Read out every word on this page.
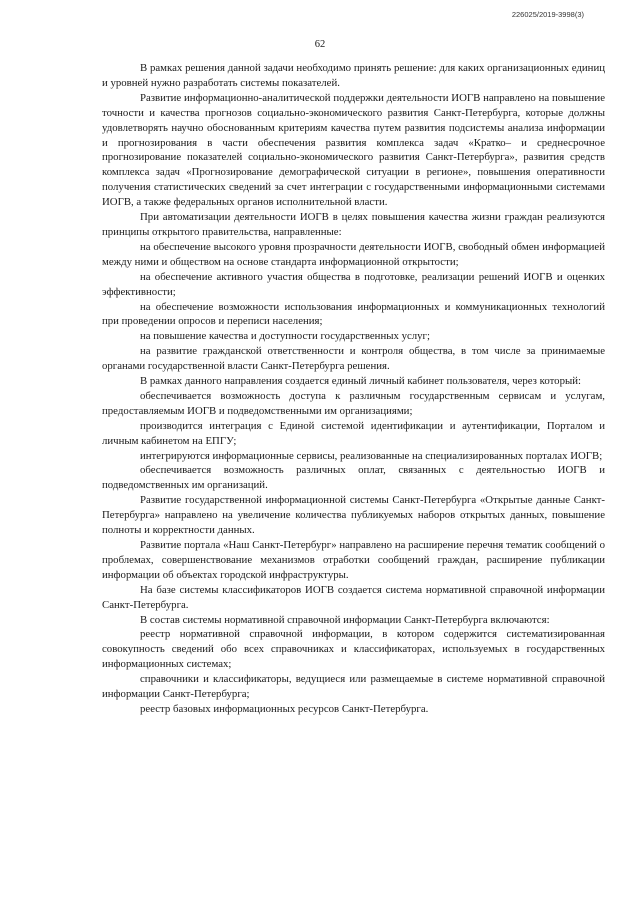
226025/2019-3998(3)
62

В рамках решения данной задачи необходимо принять решение: для каких организационных единиц и уровней нужно разработать системы показателей.

Развитие информационно-аналитической поддержки деятельности ИОГВ направлено на повышение точности и качества прогнозов социально-экономического развития Санкт-Петербурга, которые должны удовлетворять научно обоснованным критериям качества путем развития подсистемы анализа информации и прогнозирования в части обеспечения развития комплекса задач «Кратко– и среднесрочное прогнозирование показателей социально-экономического развития Санкт-Петербурга», развития средств комплекса задач «Прогнозирование демографической ситуации в регионе», повышения оперативности получения статистических сведений за счет интеграции с государственными информационными системами ИОГВ, а также федеральных органов исполнительной власти.

При автоматизации деятельности ИОГВ в целях повышения качества жизни граждан реализуются принципы открытого правительства, направленные:

на обеспечение высокого уровня прозрачности деятельности ИОГВ, свободный обмен информацией между ними и обществом на основе стандарта информационной открытости;

на обеспечение активного участия общества в подготовке, реализации решений ИОГВ и оценких эффективности;

на обеспечение возможности использования информационных и коммуникационных технологий при проведении опросов и переписи населения;

на повышение качества и доступности государственных услуг;

на развитие гражданской ответственности и контроля общества, в том числе за принимаемые органами государственной власти Санкт-Петербурга решения.

В рамках данного направления создается единый личный кабинет пользователя, через который:

обеспечивается возможность доступа к различным государственным сервисам и услугам, предоставляемым ИОГВ и подведомственными им организациями;

производится интеграция с Единой системой идентификации и аутентификации, Порталом и личным кабинетом на ЕПГУ;

интегрируются информационные сервисы, реализованные на специализированных порталах ИОГВ;

обеспечивается возможность различных оплат, связанных с деятельностью ИОГВ и подведомственных им организаций.

Развитие государственной информационной системы Санкт-Петербурга «Открытые данные Санкт-Петербурга» направлено на увеличение количества публикуемых наборов открытых данных, повышение полноты и корректности данных.

Развитие портала «Наш Санкт-Петербург» направлено на расширение перечня тематик сообщений о проблемах, совершенствование механизмов отработки сообщений граждан, расширение публикации информации об объектах городской инфраструктуры.

На базе системы классификаторов ИОГВ создается система нормативной справочной информации Санкт-Петербурга.

В состав системы нормативной справочной информации Санкт-Петербурга включаются:

реестр нормативной справочной информации, в котором содержится систематизированная совокупность сведений обо всех справочниках и классификаторах, используемых в государственных информационных системах;

справочники и классификаторы, ведущиеся или размещаемые в системе нормативной справочной информации Санкт-Петербурга;

реестр базовых информационных ресурсов Санкт-Петербурга.
